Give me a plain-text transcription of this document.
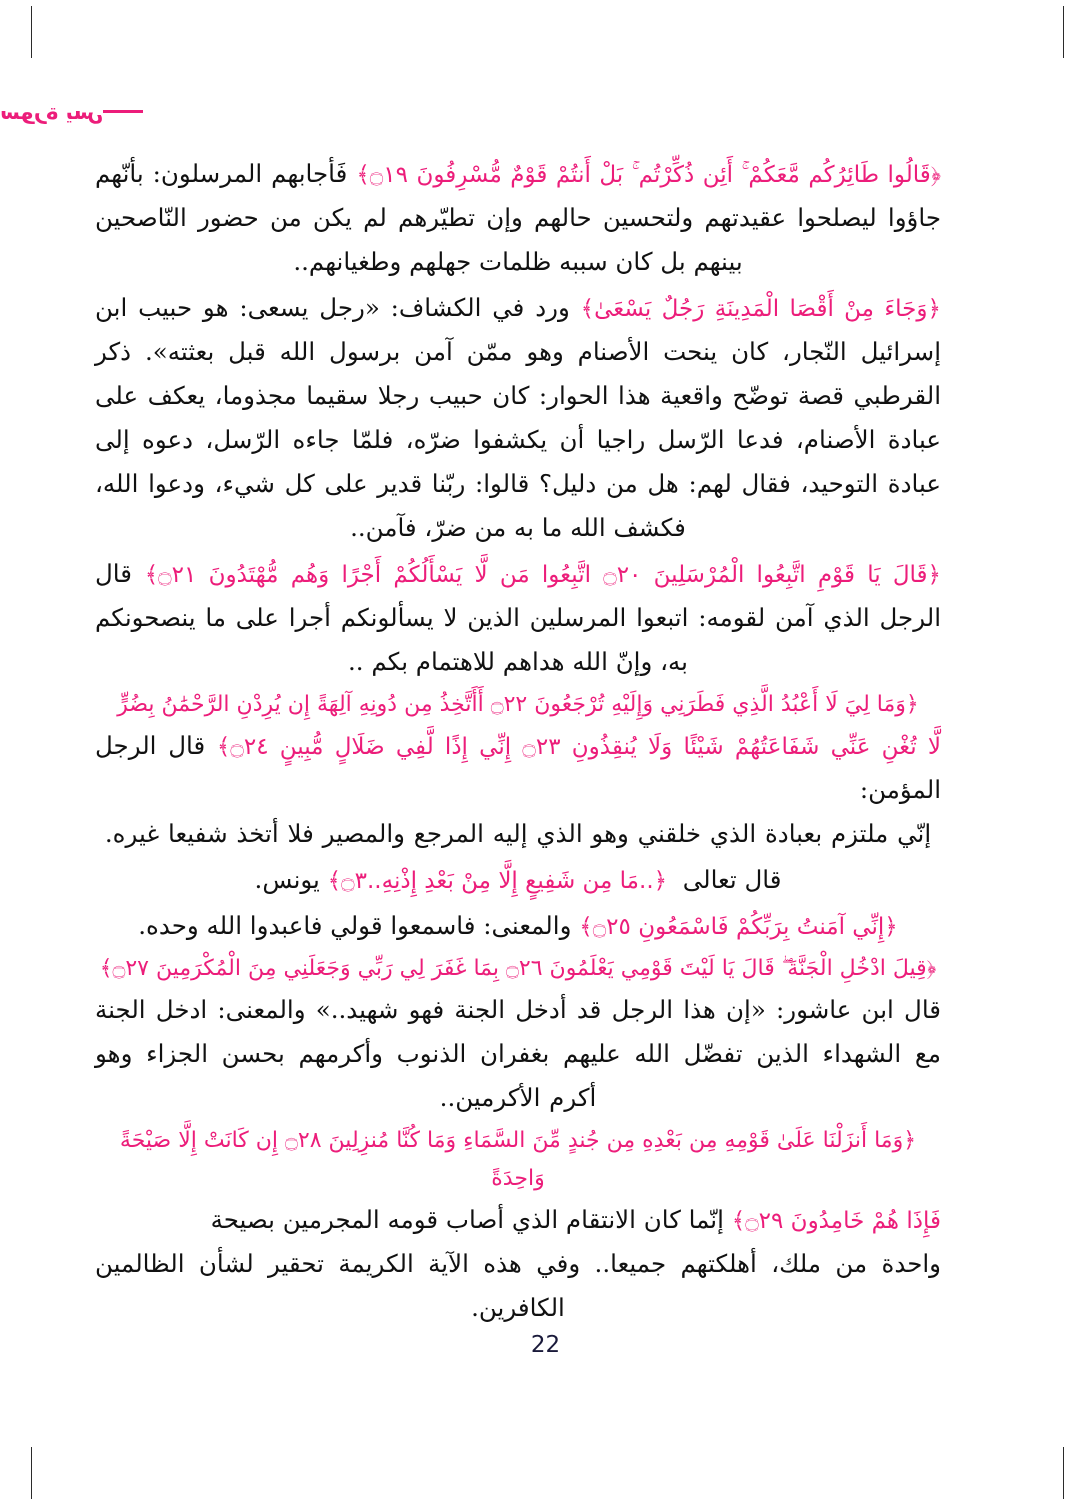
سورة يس

﴿قَالُوا طَائِرُكُم مَّعَكُمْ ۚ أَئِن ذُكِّرْتُم ۚ بَلْ أَنتُمْ قَوْمٌ مُّسْرِفُونَ ۝١٩﴾ فَأجابهم المرسلون: بأنّهم جاؤوا ليصلحوا عقيدتهم ولتحسين حالهم وإن تطيّرهم لم يكن من حضور النّاصحين بينهم بل كان سببه ظلمات جهلهم وطغيانهم..

﴿وَجَاءَ مِنْ أَقْصَا الْمَدِينَةِ رَجُلٌ يَسْعَىٰ﴾ ورد في الكشاف: «رجل يسعى: هو حبيب ابن إسرائيل النّجار، كان ينحت الأصنام وهو ممّن آمن برسول الله قبل بعثته». ذكر القرطبي قصة توضّح واقعية هذا الحوار: كان حبيب رجلا سقيما مجذوما، يعكف على عبادة الأصنام، فدعا الرّسل راجيا أن يكشفوا ضرّه، فلمّا جاءه الرّسل، دعوه إلى عبادة التوحيد، فقال لهم: هل من دليل؟ قالوا: ربّنا قدير على كل شيء، ودعوا الله، فكشف الله ما به من ضرّ، فآمن..

﴿قَالَ يَا قَوْمِ اتَّبِعُوا الْمُرْسَلِينَ ۝٢٠ اتَّبِعُوا مَن لَّا يَسْأَلُكُمْ أَجْرًا وَهُم مُّهْتَدُونَ ۝٢١﴾ قال الرجل الذي آمن لقومه: اتبعوا المرسلين الذين لا يسألونكم أجرا على ما ينصحونكم به، وإنّ الله هداهم للاهتمام بكم ..

﴿وَمَا لِيَ لَا أَعْبُدُ الَّذِي فَطَرَنِي وَإِلَيْهِ تُرْجَعُونَ ۝٢٢ أَأَتَّخِذُ مِن دُونِهِ آلِهَةً إِن يُرِدْنِ الرَّحْمَٰنُ بِضُرٍّ

لَّا تُغْنِ عَنِّي شَفَاعَتُهُمْ شَيْئًا وَلَا يُنقِذُونِ ۝٢٣ إِنِّي إِذًا لَّفِي ضَلَالٍ مُّبِينٍ ۝٢٤﴾ قال الرجل المؤمن:

إنّي ملتزم بعبادة الذي خلقني وهو الذي إليه المرجع والمصير فلا أتخذ شفيعا غيره.

قال تعالى  ﴿..مَا مِن شَفِيعٍ إِلَّا مِنْ بَعْدِ إِذْنِهِ..۝٣﴾ يونس.

﴿إِنِّي آمَنتُ بِرَبِّكُمْ فَاسْمَعُونِ ۝٢٥﴾ والمعنى: فاسمعوا قولي فاعبدوا الله وحده.

﴿قِيلَ ادْخُلِ الْجَنَّةَ ۖ قَالَ يَا لَيْتَ قَوْمِي يَعْلَمُونَ ۝٢٦ بِمَا غَفَرَ لِي رَبِّي وَجَعَلَنِي مِنَ الْمُكْرَمِينَ ۝٢٧﴾

قال ابن عاشور: «إن هذا الرجل قد أدخل الجنة فهو شهيد..» والمعنى: ادخل الجنة مع الشهداء الذين تفضّل الله عليهم بغفران الذنوب وأكرمهم بحسن الجزاء وهو أكرم الأكرمين..

﴿وَمَا أَنزَلْنَا عَلَىٰ قَوْمِهِ مِن بَعْدِهِ مِن جُندٍ مِّنَ السَّمَاءِ وَمَا كُنَّا مُنزِلِينَ ۝٢٨ إِن كَانَتْ إِلَّا صَيْحَةً وَاحِدَةً

فَإِذَا هُمْ خَامِدُونَ ۝٢٩﴾ إنّما كان الانتقام الذي أصاب قومه المجرمين بصيحة

واحدة من ملك، أهلكتهم جميعا.. وفي هذه الآية الكريمة تحقير لشأن الظالمين الكافرين.

22
